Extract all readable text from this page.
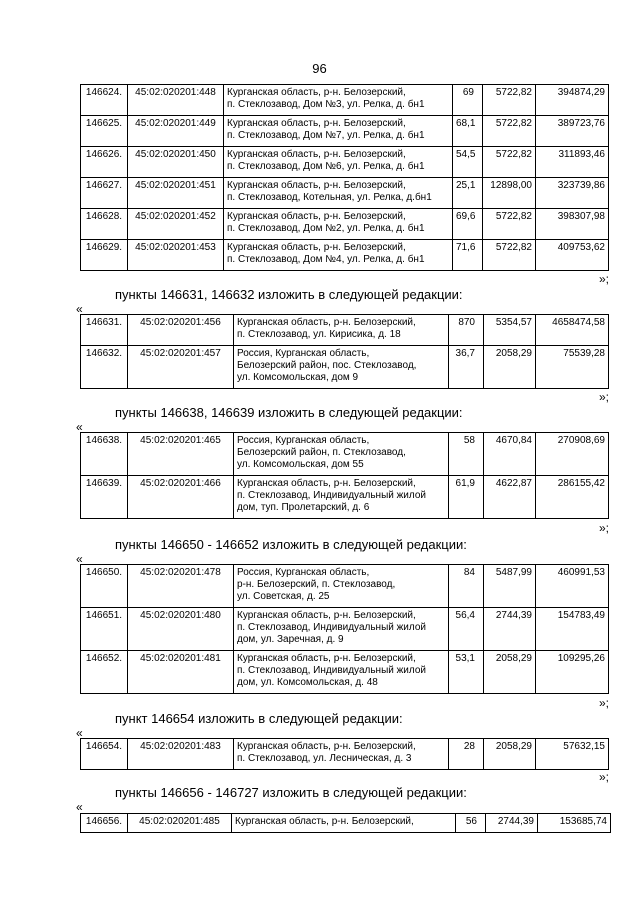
96
146624.	45:02:020201:448	Курганская область, р-н. Белозерский,
п. Стеклозавод, Дом №3, ул. Релка, д. бн1	69	5722,82	394874,29
146625.	45:02:020201:449	Курганская область, р-н. Белозерский,
п. Стеклозавод, Дом №7, ул. Релка, д. бн1	68,1	5722,82	389723,76
146626.	45:02:020201:450	Курганская область, р-н. Белозерский,
п. Стеклозавод, Дом №6, ул. Релка, д. бн1	54,5	5722,82	311893,46
146627.	45:02:020201:451	Курганская область, р-н. Белозерский,
п. Стеклозавод, Котельная, ул. Релка, д.бн1	25,1	12898,00	323739,86
146628.	45:02:020201:452	Курганская область, р-н. Белозерский,
п. Стеклозавод, Дом №2, ул. Релка, д. бн1	69,6	5722,82	398307,98
146629.	45:02:020201:453	Курганская область, р-н. Белозерский,
п. Стеклозавод, Дом №4, ул. Релка, д. бн1	71,6	5722,82	409753,62
»;
пункты 146631, 146632 изложить в следующей редакции:
«
146631.	45:02:020201:456	Курганская область, р-н. Белозерский,
п. Стеклозавод, ул. Кирисика, д. 18	870	5354,57	4658474,58
146632.	45:02:020201:457	Россия, Курганская область,
Белозерский район, пос. Стеклозавод,
ул. Комсомольская, дом 9	36,7	2058,29	75539,28
»;
пункты 146638, 146639 изложить в следующей редакции:
«
146638.	45:02:020201:465	Россия, Курганская область,
Белозерский район, п. Стеклозавод,
ул. Комсомольская, дом 55	58	4670,84	270908,69
146639.	45:02:020201:466	Курганская область, р-н. Белозерский,
п. Стеклозавод, Индивидуальный жилой
дом, туп. Пролетарский, д. 6	61,9	4622,87	286155,42
»;
пункты 146650 - 146652 изложить в следующей редакции:
«
146650.	45:02:020201:478	Россия, Курганская область,
р-н. Белозерский, п. Стеклозавод,
ул. Советская, д. 25	84	5487,99	460991,53
146651.	45:02:020201:480	Курганская область, р-н. Белозерский,
п. Стеклозавод, Индивидуальный жилой
дом, ул. Заречная, д. 9	56,4	2744,39	154783,49
146652.	45:02:020201:481	Курганская область, р-н. Белозерский,
п. Стеклозавод, Индивидуальный жилой
дом, ул. Комсомольская, д. 48	53,1	2058,29	109295,26
»;
пункт 146654 изложить в следующей редакции:
«
146654.	45:02:020201:483	Курганская область, р-н. Белозерский,
п. Стеклозавод, ул. Лесническая, д. 3
	28	2058,29	57632,15
»;
пункты 146656 - 146727 изложить в следующей редакции:
«
146656.	45:02:020201:485	Курганская область, р-н. Белозерский,	56	2744,39	153685,74
